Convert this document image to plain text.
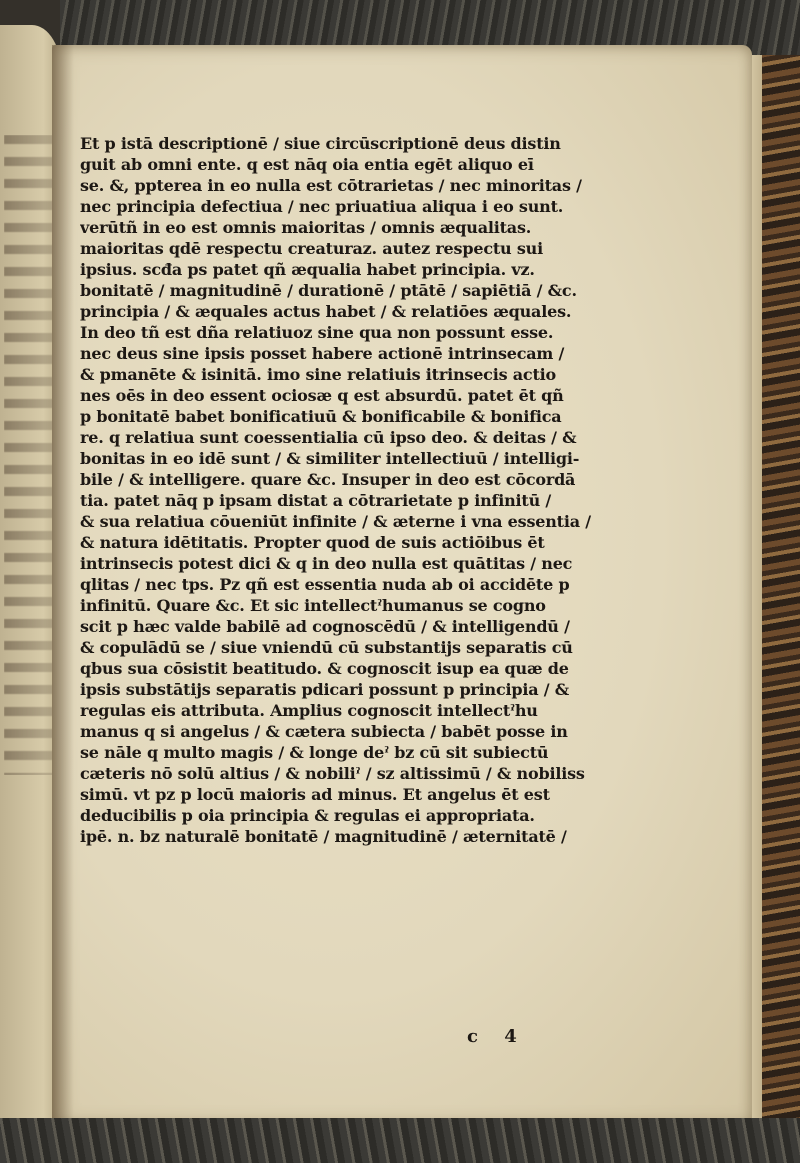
Et p istā descriptionē / siue circūscriptionē deus distin
guit ab omni ente. q est nāq oia entia egēt aliquo eī
se. &, ppterea in eo nulla est cōtrarietas / nec minoritas /
nec principia defectiua / nec priuatiua aliqua i eo sunt.
verūtñ in eo est omnis maioritas / omnis æqualitas.
maioritas qdē respectu creaturaz. autez respectu sui
ipsius. scđa ps patet qñ æqualia habet principia. vz.
bonitatē / magnitudinē / durationē / ptātē / sapiētiā / &c.
principia / & æquales actus habet / & relatiōes æquales.
In deo tñ est dña relatiuoz sine qua non possunt esse.
nec deus sine ipsis posset habere actionē intrinsecam /
& pmanēte & isinitā. imo sine relatiuis itrinsecis actio
nes oēs in deo essent ociosæ q est absurdū. patet ēt qñ
p bonitatē babet bonificatiuū & bonificabile & bonifica
re. q relatiua sunt coessentialia cū ipso deo. & deitas / &
bonitas in eo idē sunt / & similiter intellectiuū / intelligi-
bile / & intelligere. quare &c. Insuper in deo est cōcordā
tia. patet nāq p ipsam distat a cōtrarietate p infinitū /
& sua relatiua cōueniūt infinite / & æterne i vna essentia /
& natura idētitatis. Propter quod de suis actiōibus ēt
intrinsecis potest dici & q in deo nulla est quātitas / nec
qlitas / nec tps. Pz qñ est essentia nuda ab oi accidēte p
infinitū. Quare &c. Et sic intellectˀhumanus se cogno
scit p hæc valde babilē ad cognoscēdū / & intelligendū /
& copulādū se / siue vniendū cū substantijs separatis cū
qbus sua cōsistit beatitudo. & cognoscit isup ea quæ de
ipsis substātijs separatis pdicari possunt p principia / &
regulas eis attributa. Amplius cognoscit intellectˀhu
manus q si angelus / & cætera subiecta / babēt posse in
se nāle q multo magis / & longe deˀ bz cū sit subiectū
cæteris nō solū altius / & nobiliˀ / sz altissimū / & nobiliss
simū. vt pz p locū maioris ad minus. Et angelus ēt est
deducibilis p oia principia & regulas ei appropriata.
ipē. n. bz naturalē bonitatē / magnitudinē / æternitatē /
c 4
